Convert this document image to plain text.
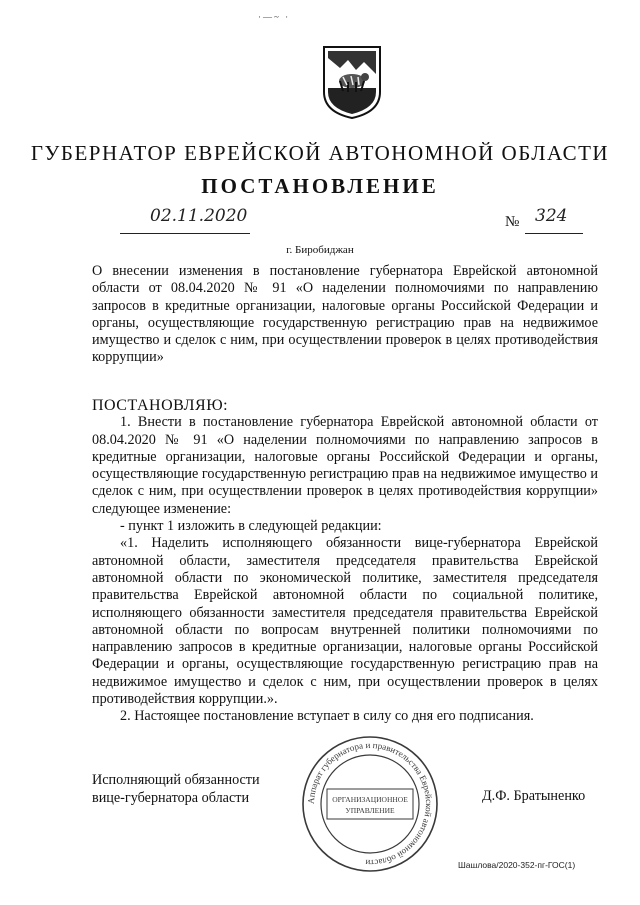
·—~ ·
ГУБЕРНАТОР ЕВРЕЙСКОЙ АВТОНОМНОЙ ОБЛАСТИ
ПОСТАНОВЛЕНИЕ
02.11.2020	№ 324
г. Биробиджан
О внесении изменения в постановление губернатора Еврейской автономной области от 08.04.2020 № 91 «О наделении полномочиями по направлению запросов в кредитные организации, налоговые органы Российской Федерации и органы, осуществляющие государственную регистрацию прав на недвижимое имущество и сделок с ним, при осуществлении проверок в целях противодействия коррупции»

ПОСТАНОВЛЯЮ:

1. Внести в постановление губернатора Еврейской автономной области от 08.04.2020 № 91 «О наделении полномочиями по направлению запросов в кредитные организации, налоговые органы Российской Федерации и органы, осуществляющие государственную регистрацию прав на недвижимое имущество и сделок с ним, при осуществлении проверок в целях противодействия коррупции» следующее изменение:

- пункт 1 изложить в следующей редакции:

«1. Наделить исполняющего обязанности вице-губернатора Еврейской автономной области, заместителя председателя правительства Еврейской автономной области по экономической политике, заместителя председателя правительства Еврейской автономной области по социальной политике, исполняющего обязанности заместителя председателя правительства Еврейской автономной области по вопросам внутренней политики полномочиями по направлению запросов в кредитные организации, налоговые органы Российской Федерации и органы, осуществляющие государственную регистрацию прав на недвижимое имущество и сделок с ним, при осуществлении проверок в целях противодействия коррупции.».

2. Настоящее постановление вступает в силу со дня его подписания.

Исполняющий обязанности
вице-губернатора области	Аппарат губернатора и правительства Еврейской автономной области
ОРГАНИЗАЦИОННОЕ
УПРАВЛЕНИЕ
Д.Ф. Братыненко
Шашлова/2020-352-пг-ГОС(1)
